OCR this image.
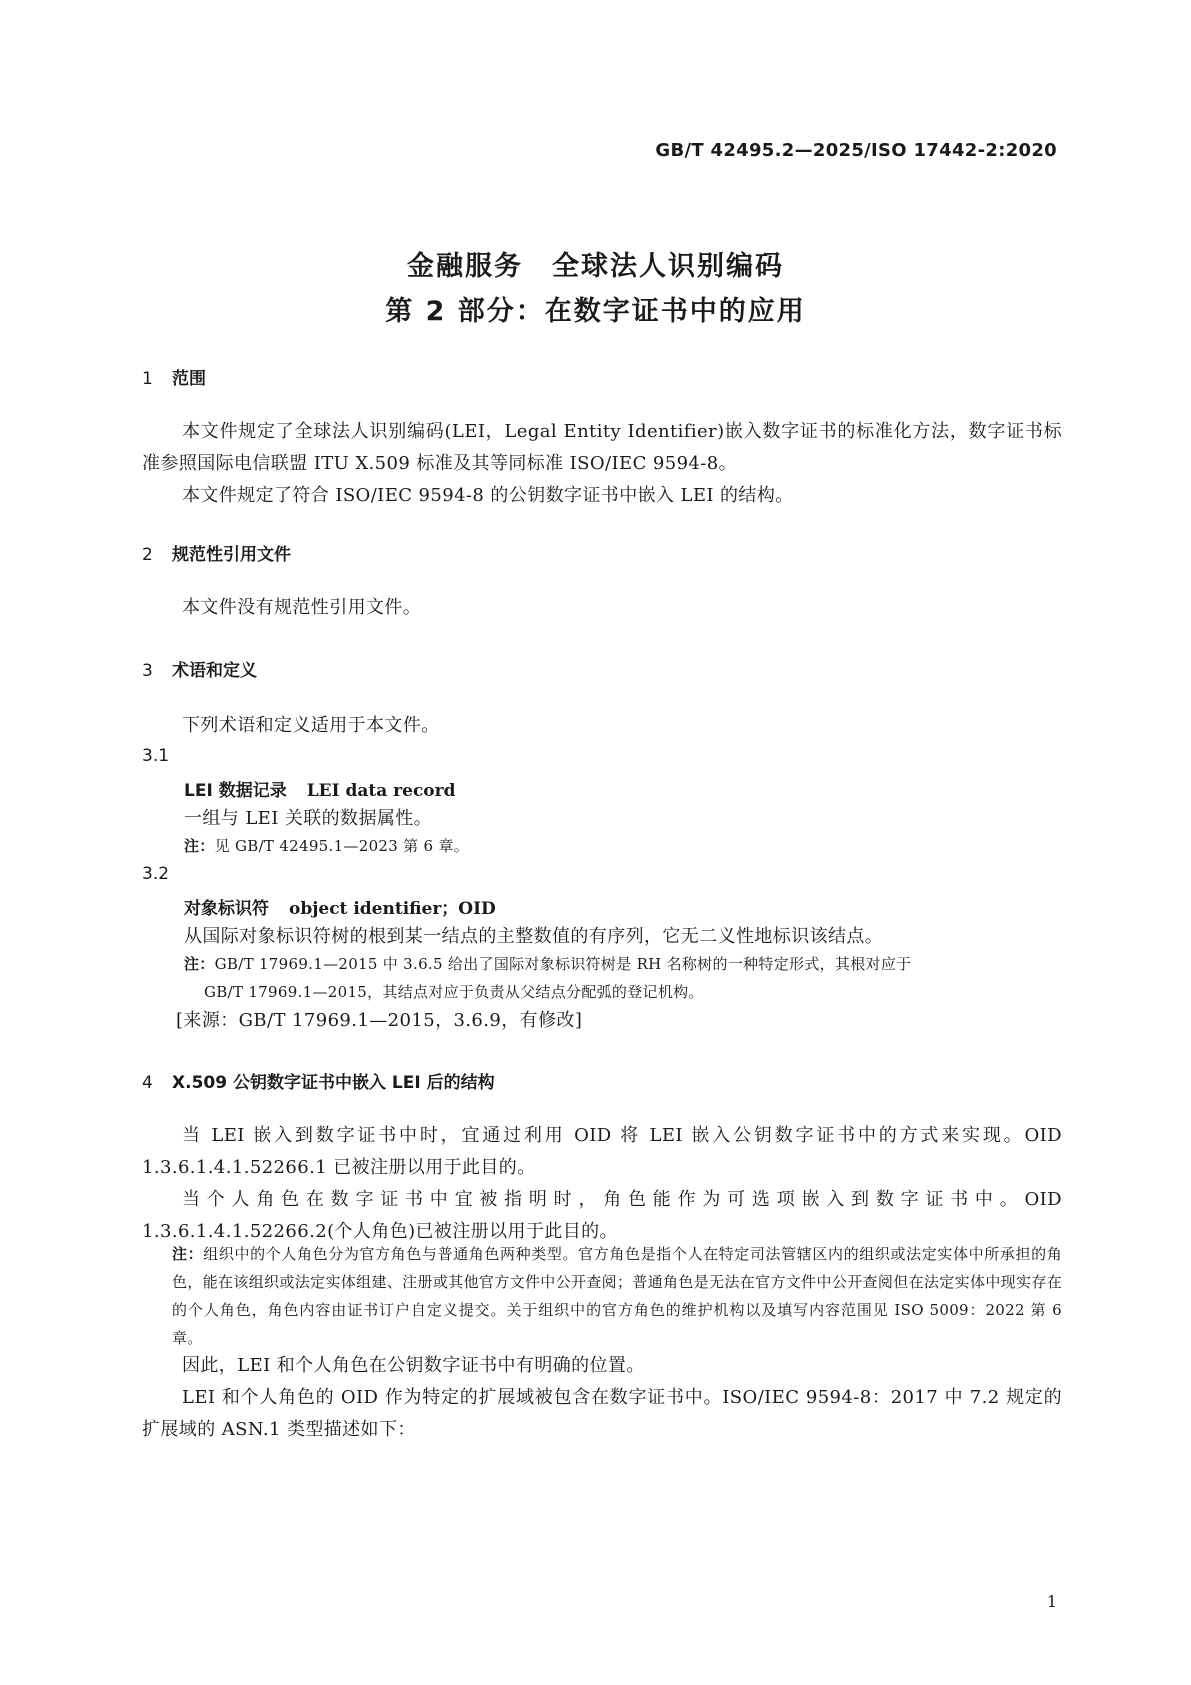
GB/T 42495.2—2025/ISO 17442-2:2020
金融服务　全球法人识别编码
第 2 部分：在数字证书中的应用
1 范围
本文件规定了全球法人识别编码(LEI，Legal Entity Identifier)嵌入数字证书的标准化方法，数字证书标准参照国际电信联盟 ITU X.509 标准及其等同标准 ISO/IEC 9594-8。
本文件规定了符合 ISO/IEC 9594-8 的公钥数字证书中嵌入 LEI 的结构。
2 规范性引用文件
本文件没有规范性引用文件。
3 术语和定义
下列术语和定义适用于本文件。
3.1
LEI 数据记录 LEI data record
一组与 LEI 关联的数据属性。
注：见 GB/T 42495.1—2023 第 6 章。
3.2
对象标识符 object identifier；OID
从国际对象标识符树的根到某一结点的主整数值的有序列，它无二义性地标识该结点。
注：GB/T 17969.1—2015 中 3.6.5 给出了国际对象标识符树是 RH 名称树的一种特定形式，其根对应于
GB/T 17969.1—2015，其结点对应于负责从父结点分配弧的登记机构。
[来源：GB/T 17969.1—2015，3.6.9，有修改]
4 X.509 公钥数字证书中嵌入 LEI 后的结构
当 LEI 嵌入到数字证书中时，宜通过利用 OID 将 LEI 嵌入公钥数字证书中的方式来实现。OID 1.3.6.1.4.1.52266.1 已被注册以用于此目的。
当个人角色在数字证书中宜被指明时，角色能作为可选项嵌入到数字证书中。OID 1.3.6.1.4.1.52266.2(个人角色)已被注册以用于此目的。
注：组织中的个人角色分为官方角色与普通角色两种类型。官方角色是指个人在特定司法管辖区内的组织或法定实体中所承担的角色，能在该组织或法定实体组建、注册或其他官方文件中公开查阅；普通角色是无法在官方文件中公开查阅但在法定实体中现实存在的个人角色，角色内容由证书订户自定义提交。关于组织中的官方角色的维护机构以及填写内容范围见 ISO 5009：2022 第 6 章。
因此，LEI 和个人角色在公钥数字证书中有明确的位置。
LEI 和个人角色的 OID 作为特定的扩展域被包含在数字证书中。ISO/IEC 9594-8：2017 中 7.2 规定的扩展域的 ASN.1 类型描述如下：
1
